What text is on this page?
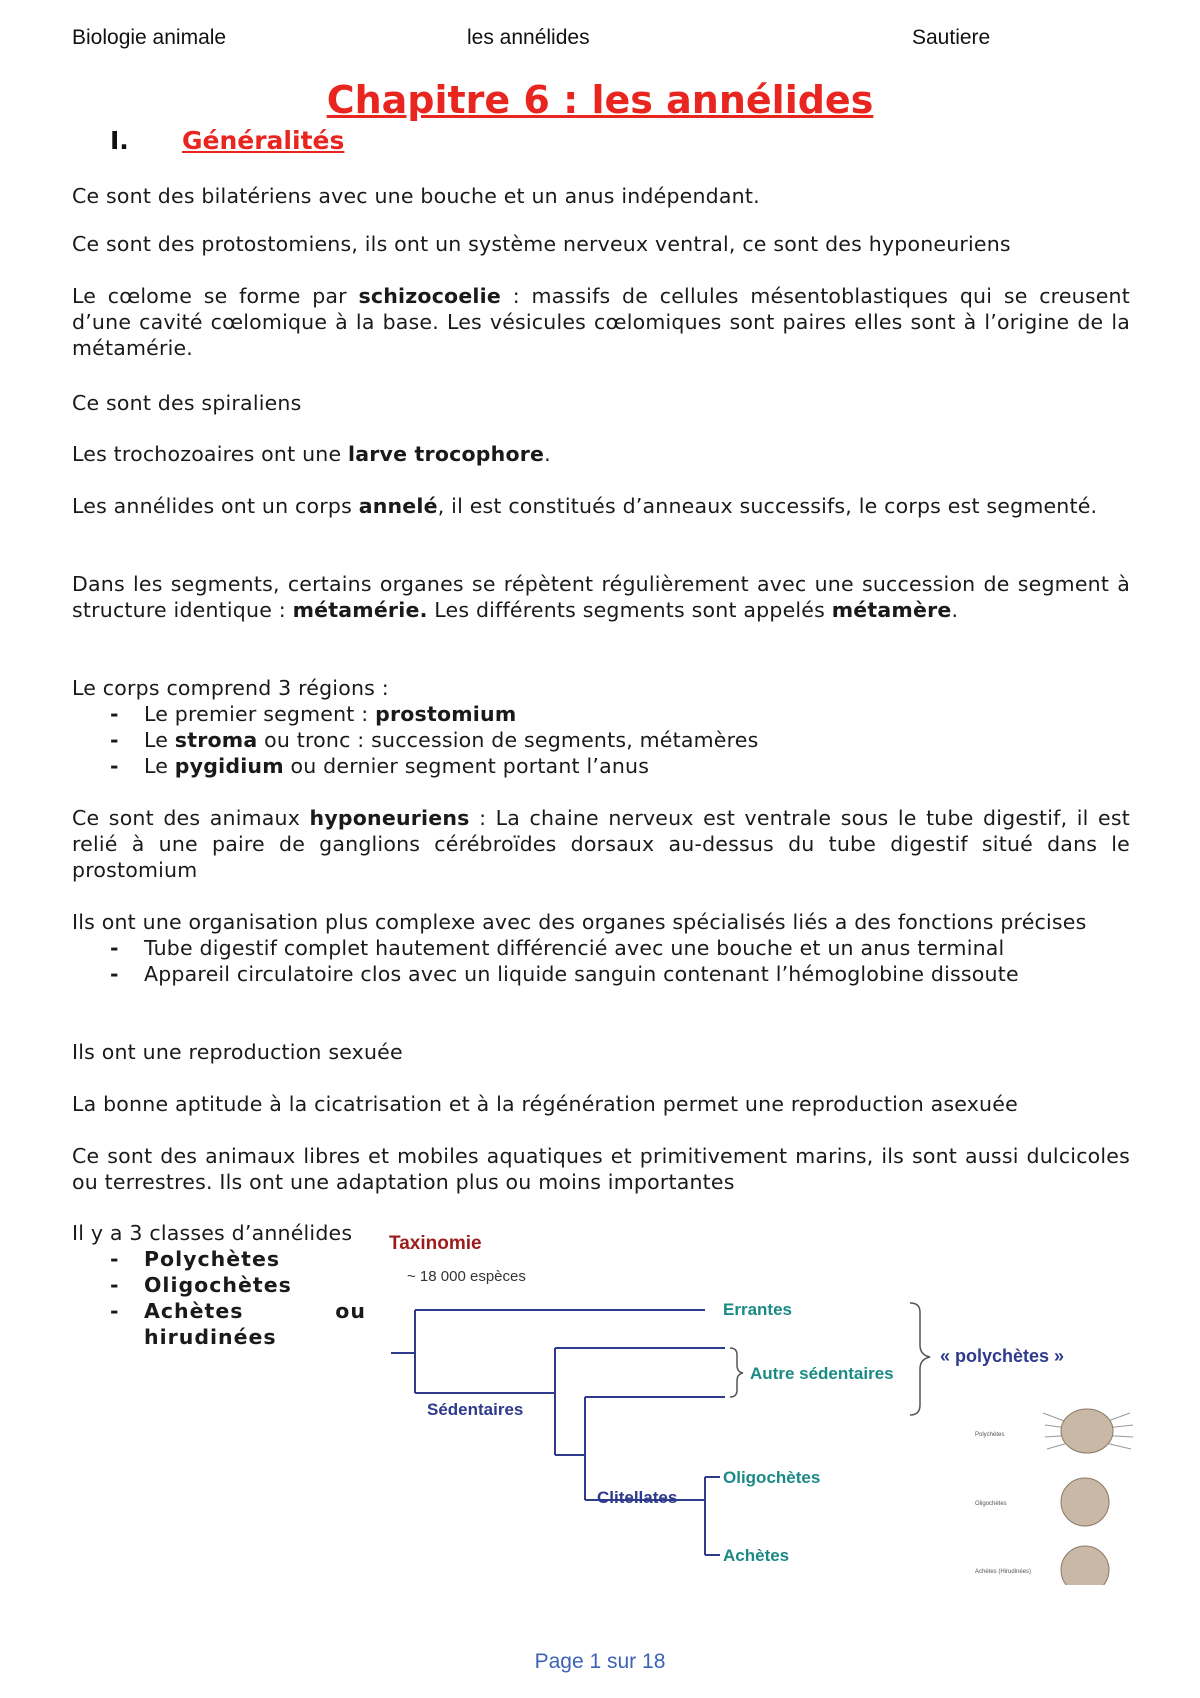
Biologie animale	les annélides	Sautiere
Chapitre 6 : les annélides
I. Généralités
Ce sont des bilatériens avec une bouche et un anus indépendant.
Ce sont des protostomiens, ils ont un système nerveux ventral, ce sont des hyponeuriens
Le cœlome se forme par schizocoelie : massifs de cellules mésentoblastiques qui se creusent d’une cavité cœlomique à la base. Les vésicules cœlomiques sont paires elles sont à l’origine de la métamérie.
Ce sont des spiraliens
Les trochozoaires ont une larve trocophore.
Les annélides ont un corps annelé, il est constitués d’anneaux successifs, le corps est segmenté.
Dans les segments, certains organes se répètent régulièrement avec une succession de segment à structure identique : métamérie. Les différents segments sont appelés métamère.
Le corps comprend 3 régions :
- Le premier segment : prostomium
- Le stroma ou tronc : succession de segments, métamères
- Le pygidium ou dernier segment portant l’anus
Ce sont des animaux hyponeuriens : La chaine nerveux est ventrale sous le tube digestif, il est relié à une paire de ganglions cérébroïdes dorsaux au-dessus du tube digestif situé dans le prostomium
Ils ont une organisation plus complexe avec des organes spécialisés liés a des fonctions précises
- Tube digestif complet hautement différencié avec une bouche et un anus terminal
- Appareil circulatoire clos avec un liquide sanguin contenant l’hémoglobine dissoute
Ils ont une reproduction sexuée
La bonne aptitude à la cicatrisation et à la régénération permet une reproduction asexuée
Ce sont des animaux libres et mobiles aquatiques et primitivement marins, ils sont aussi dulcicoles ou terrestres. Ils ont une adaptation plus ou moins importantes
Il y a 3 classes d’annélides
- Polychètes
- Oligochètes
- Achètes ou hirudinées
Taxinomie
~ 18 000 espèces
Errantes
Sédentaires
Autre sédentaires
« polychètes »
Clitellates
Oligochètes
Achètes
Polychètes
Oligochètes
Achètes (Hirudinées)
Page 1 sur 18
